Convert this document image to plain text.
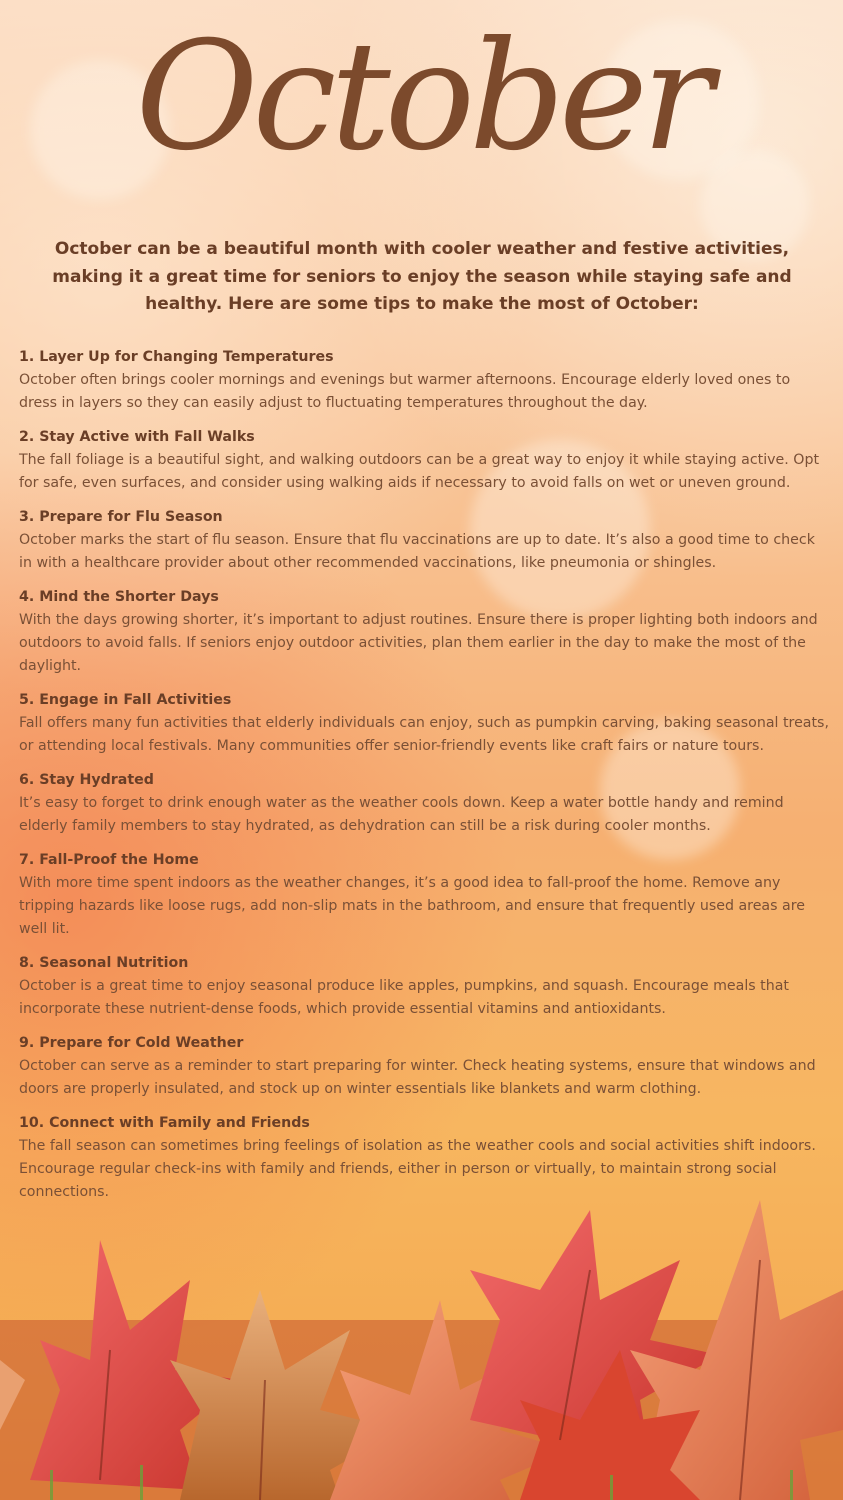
October
October can be a beautiful month with cooler weather and festive activities, making it a great time for seniors to enjoy the season while staying safe and healthy. Here are some tips to make the most of October:
1. Layer Up for Changing Temperatures
October often brings cooler mornings and evenings but warmer afternoons. Encourage elderly loved ones to dress in layers so they can easily adjust to fluctuating temperatures throughout the day.
2. Stay Active with Fall Walks
The fall foliage is a beautiful sight, and walking outdoors can be a great way to enjoy it while staying active. Opt for safe, even surfaces, and consider using walking aids if necessary to avoid falls on wet or uneven ground.
3. Prepare for Flu Season
October marks the start of flu season. Ensure that flu vaccinations are up to date. It’s also a good time to check in with a healthcare provider about other recommended vaccinations, like pneumonia or shingles.
4. Mind the Shorter Days
With the days growing shorter, it’s important to adjust routines. Ensure there is proper lighting both indoors and outdoors to avoid falls. If seniors enjoy outdoor activities, plan them earlier in the day to make the most of the daylight.
5. Engage in Fall Activities
Fall offers many fun activities that elderly individuals can enjoy, such as pumpkin carving, baking seasonal treats, or attending local festivals. Many communities offer senior-friendly events like craft fairs or nature tours.
6. Stay Hydrated
It’s easy to forget to drink enough water as the weather cools down. Keep a water bottle handy and remind elderly family members to stay hydrated, as dehydration can still be a risk during cooler months.
7. Fall-Proof the Home
With more time spent indoors as the weather changes, it’s a good idea to fall-proof the home. Remove any tripping hazards like loose rugs, add non-slip mats in the bathroom, and ensure that frequently used areas are well lit.
8. Seasonal Nutrition
October is a great time to enjoy seasonal produce like apples, pumpkins, and squash. Encourage meals that incorporate these nutrient-dense foods, which provide essential vitamins and antioxidants.
9. Prepare for Cold Weather
October can serve as a reminder to start preparing for winter. Check heating systems, ensure that windows and doors are properly insulated, and stock up on winter essentials like blankets and warm clothing.
10. Connect with Family and Friends
The fall season can sometimes bring feelings of isolation as the weather cools and social activities shift indoors. Encourage regular check-ins with family and friends, either in person or virtually, to maintain strong social connections.
